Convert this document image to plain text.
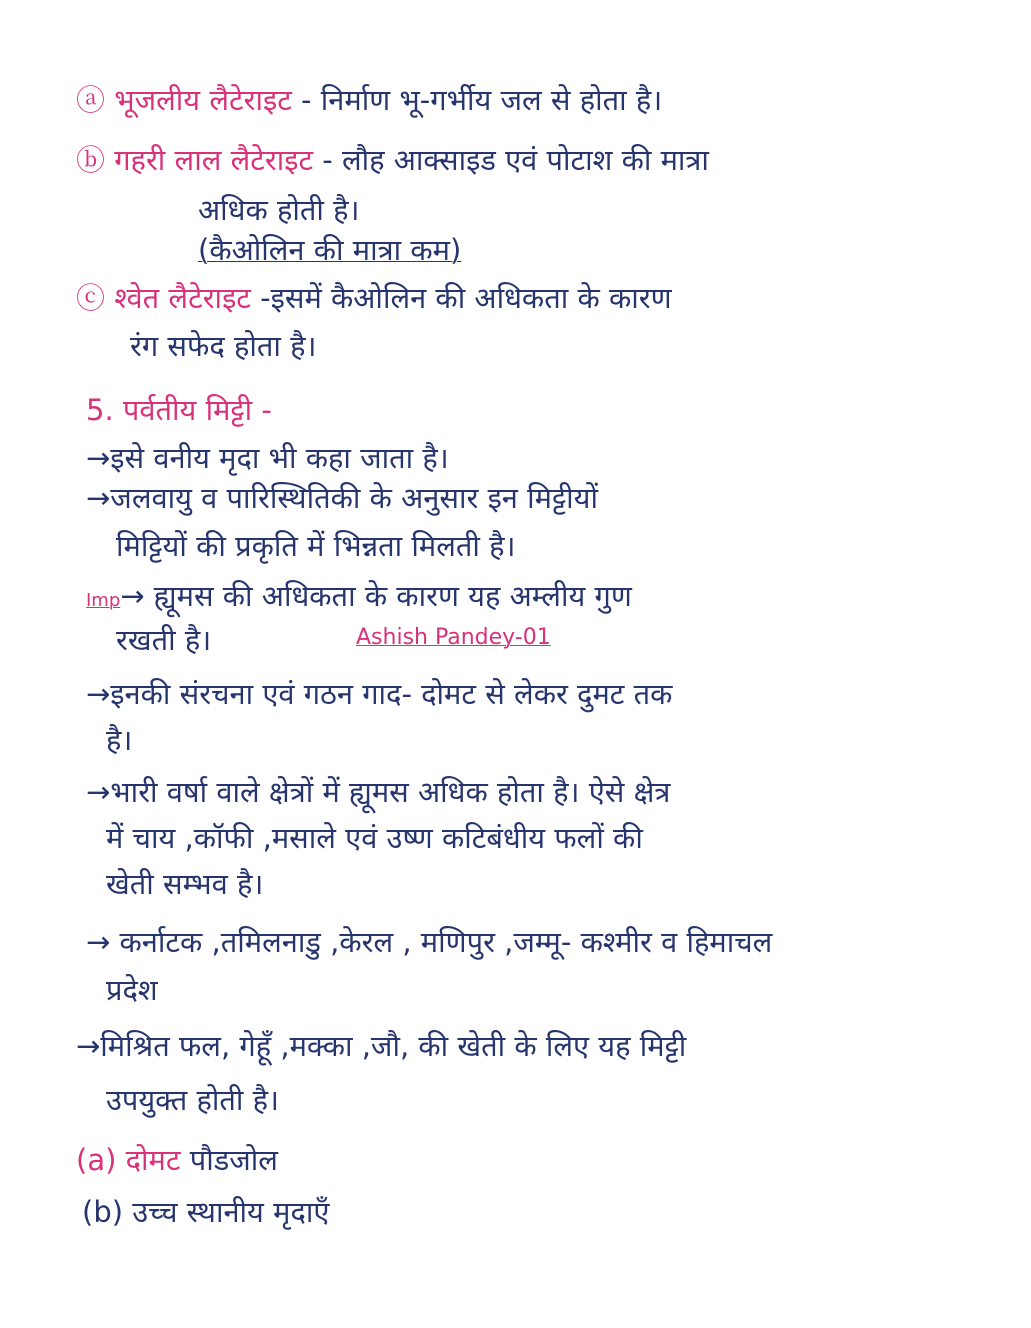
ⓐ भूजलीय लैटेराइट - निर्माण भू-गर्भीय जल से होता है।
ⓑ गहरी लाल लैटेराइट - लौह आक्साइड एवं पोटाश की मात्रा
अधिक होती है।
(कैओलिन की मात्रा कम)
ⓒ श्वेत लैटेराइट -इसमें कैओलिन की अधिकता के कारण
रंग सफेद होता है।
5. पर्वतीय मिट्टी -
→इसे वनीय मृदा भी कहा जाता है।
→जलवायु व पारिस्थितिकी के अनुसार इन मिट्टीयों
मिट्टियों की प्रकृति में भिन्नता मिलती है।
Imp→ ह्यूमस की अधिकता के कारण यह अम्लीय गुण
रखती है।	Ashish Pandey-01
→इनकी संरचना एवं गठन गाद- दोमट से लेकर दुमट तक
है।
→भारी वर्षा वाले क्षेत्रों में ह्यूमस अधिक होता है। ऐसे क्षेत्र
में चाय ,कॉफी ,मसाले एवं उष्ण कटिबंधीय फलों की
खेती सम्भव है।
→ कर्नाटक ,तमिलनाडु ,केरल , मणिपुर ,जम्मू- कश्मीर व हिमाचल
प्रदेश
→मिश्रित फल, गेहूँ ,मक्का ,जौ, की खेती के लिए यह मिट्टी
उपयुक्त होती है।
(a) दोमट पौडजोल
(b) उच्च स्थानीय मृदाएँ
